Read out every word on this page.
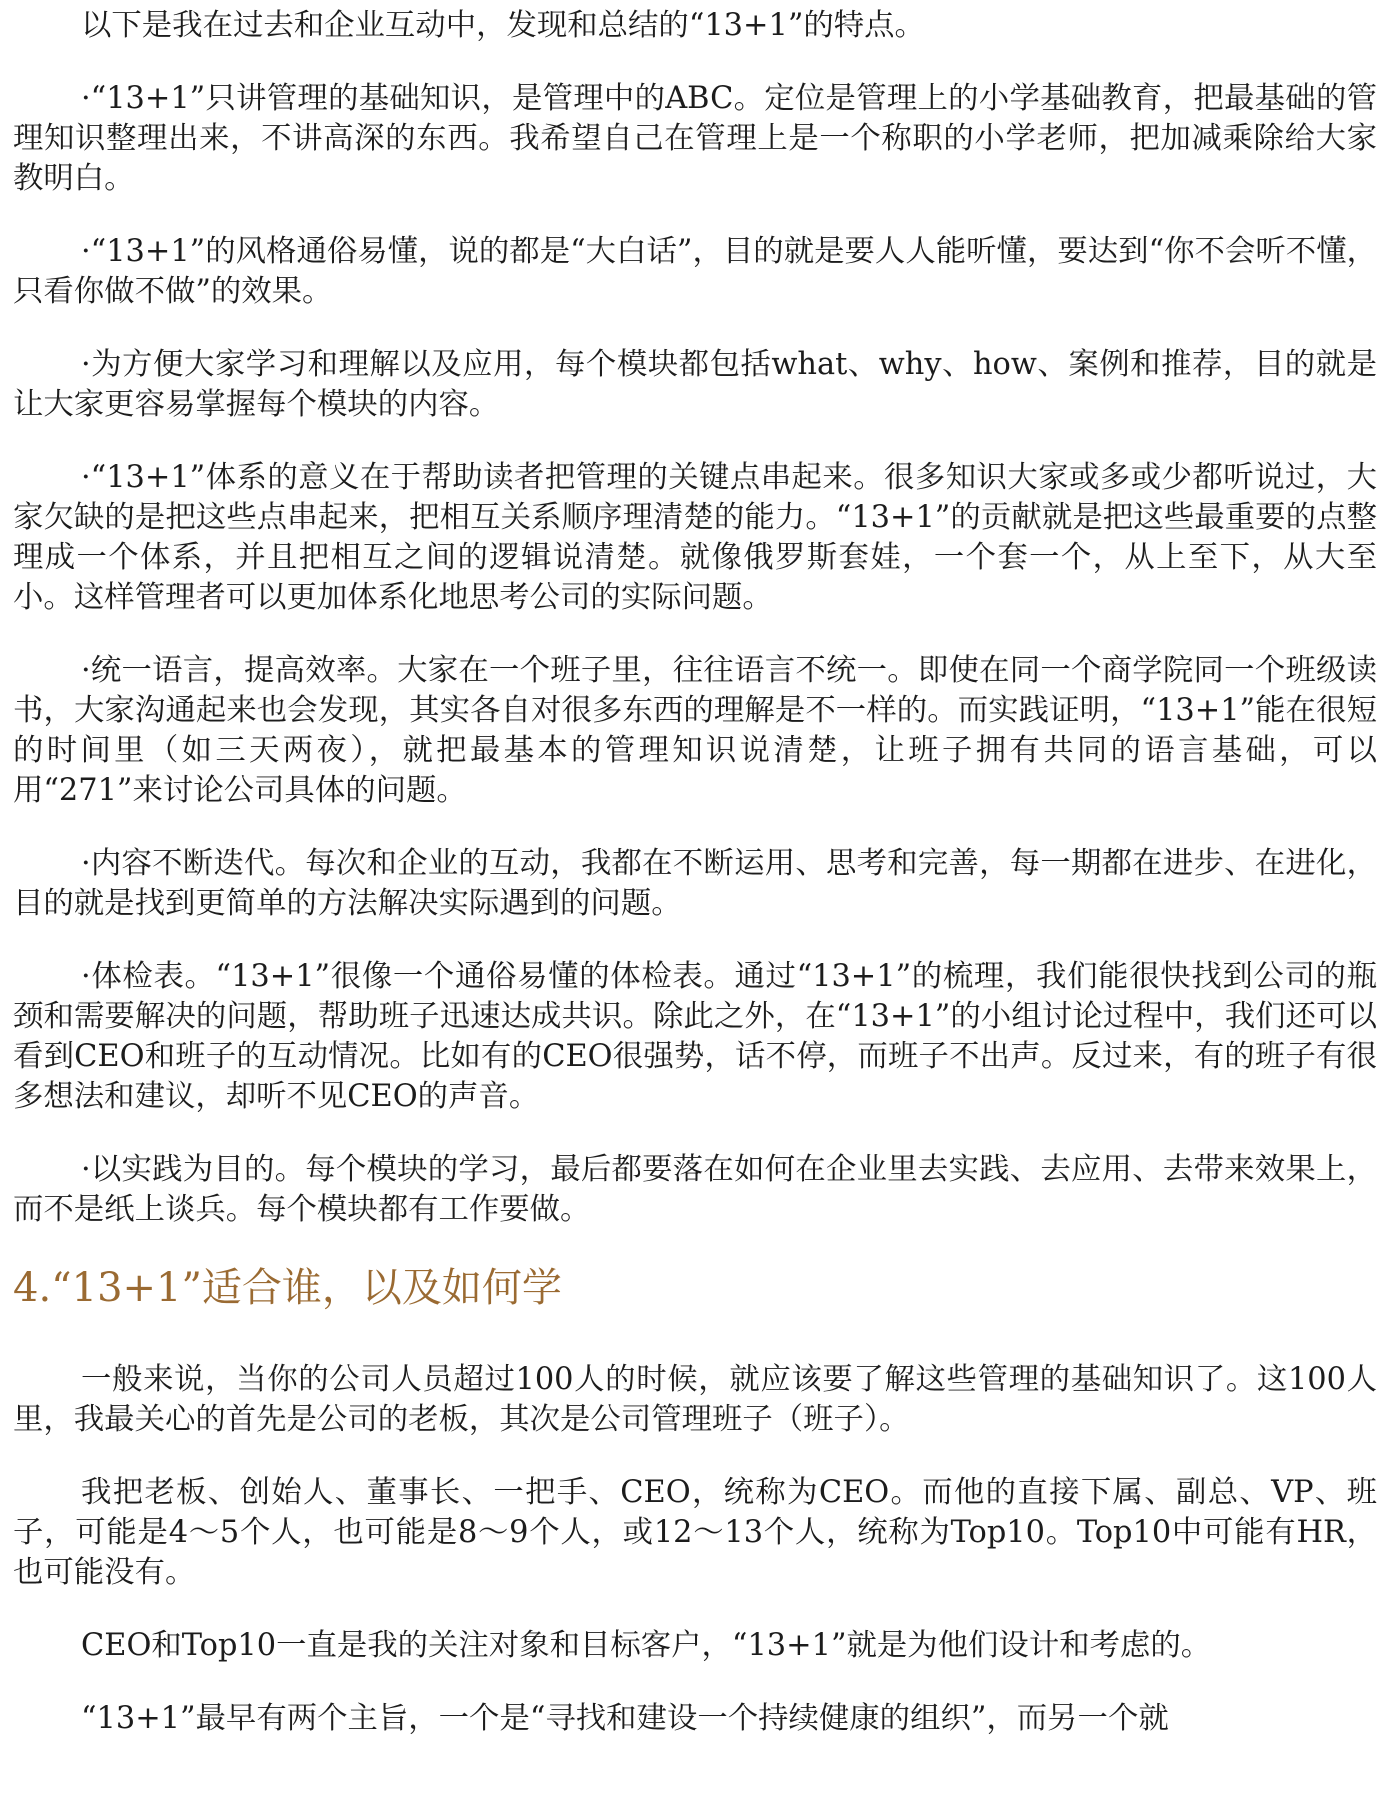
以下是我在过去和企业互动中，发现和总结的“13+1”的特点。

·“13+1”只讲管理的基础知识，是管理中的ABC。定位是管理上的小学基础教育，把最基础的管理知识整理出来，不讲高深的东西。我希望自己在管理上是一个称职的小学老师，把加减乘除给大家教明白。

·“13+1”的风格通俗易懂，说的都是“大白话”，目的就是要人人能听懂，要达到“你不会听不懂，只看你做不做”的效果。

·为方便大家学习和理解以及应用，每个模块都包括what、why、how、案例和推荐，目的就是让大家更容易掌握每个模块的内容。

·“13+1”体系的意义在于帮助读者把管理的关键点串起来。很多知识大家或多或少都听说过，大家欠缺的是把这些点串起来，把相互关系顺序理清楚的能力。“13+1”的贡献就是把这些最重要的点整理成一个体系，并且把相互之间的逻辑说清楚。就像俄罗斯套娃，一个套一个，从上至下，从大至小。这样管理者可以更加体系化地思考公司的实际问题。

·统一语言，提高效率。大家在一个班子里，往往语言不统一。即使在同一个商学院同一个班级读书，大家沟通起来也会发现，其实各自对很多东西的理解是不一样的。而实践证明，“13+1”能在很短的时间里（如三天两夜），就把最基本的管理知识说清楚，让班子拥有共同的语言基础，可以用“271”来讨论公司具体的问题。

·内容不断迭代。每次和企业的互动，我都在不断运用、思考和完善，每一期都在进步、在进化，目的就是找到更简单的方法解决实际遇到的问题。

·体检表。“13+1”很像一个通俗易懂的体检表。通过“13+1”的梳理，我们能很快找到公司的瓶颈和需要解决的问题，帮助班子迅速达成共识。除此之外，在“13+1”的小组讨论过程中，我们还可以看到CEO和班子的互动情况。比如有的CEO很强势，话不停，而班子不出声。反过来，有的班子有很多想法和建议，却听不见CEO的声音。

·以实践为目的。每个模块的学习，最后都要落在如何在企业里去实践、去应用、去带来效果上，而不是纸上谈兵。每个模块都有工作要做。

4.“13+1”适合谁，以及如何学

一般来说，当你的公司人员超过100人的时候，就应该要了解这些管理的基础知识了。这100人里，我最关心的首先是公司的老板，其次是公司管理班子（班子）。

我把老板、创始人、董事长、一把手、CEO，统称为CEO。而他的直接下属、副总、VP、班子，可能是4～5个人，也可能是8～9个人，或12～13个人，统称为Top10。Top10中可能有HR，也可能没有。

CEO和Top10一直是我的关注对象和目标客户，“13+1”就是为他们设计和考虑的。

“13+1”最早有两个主旨，一个是“寻找和建设一个持续健康的组织”，而另一个就
